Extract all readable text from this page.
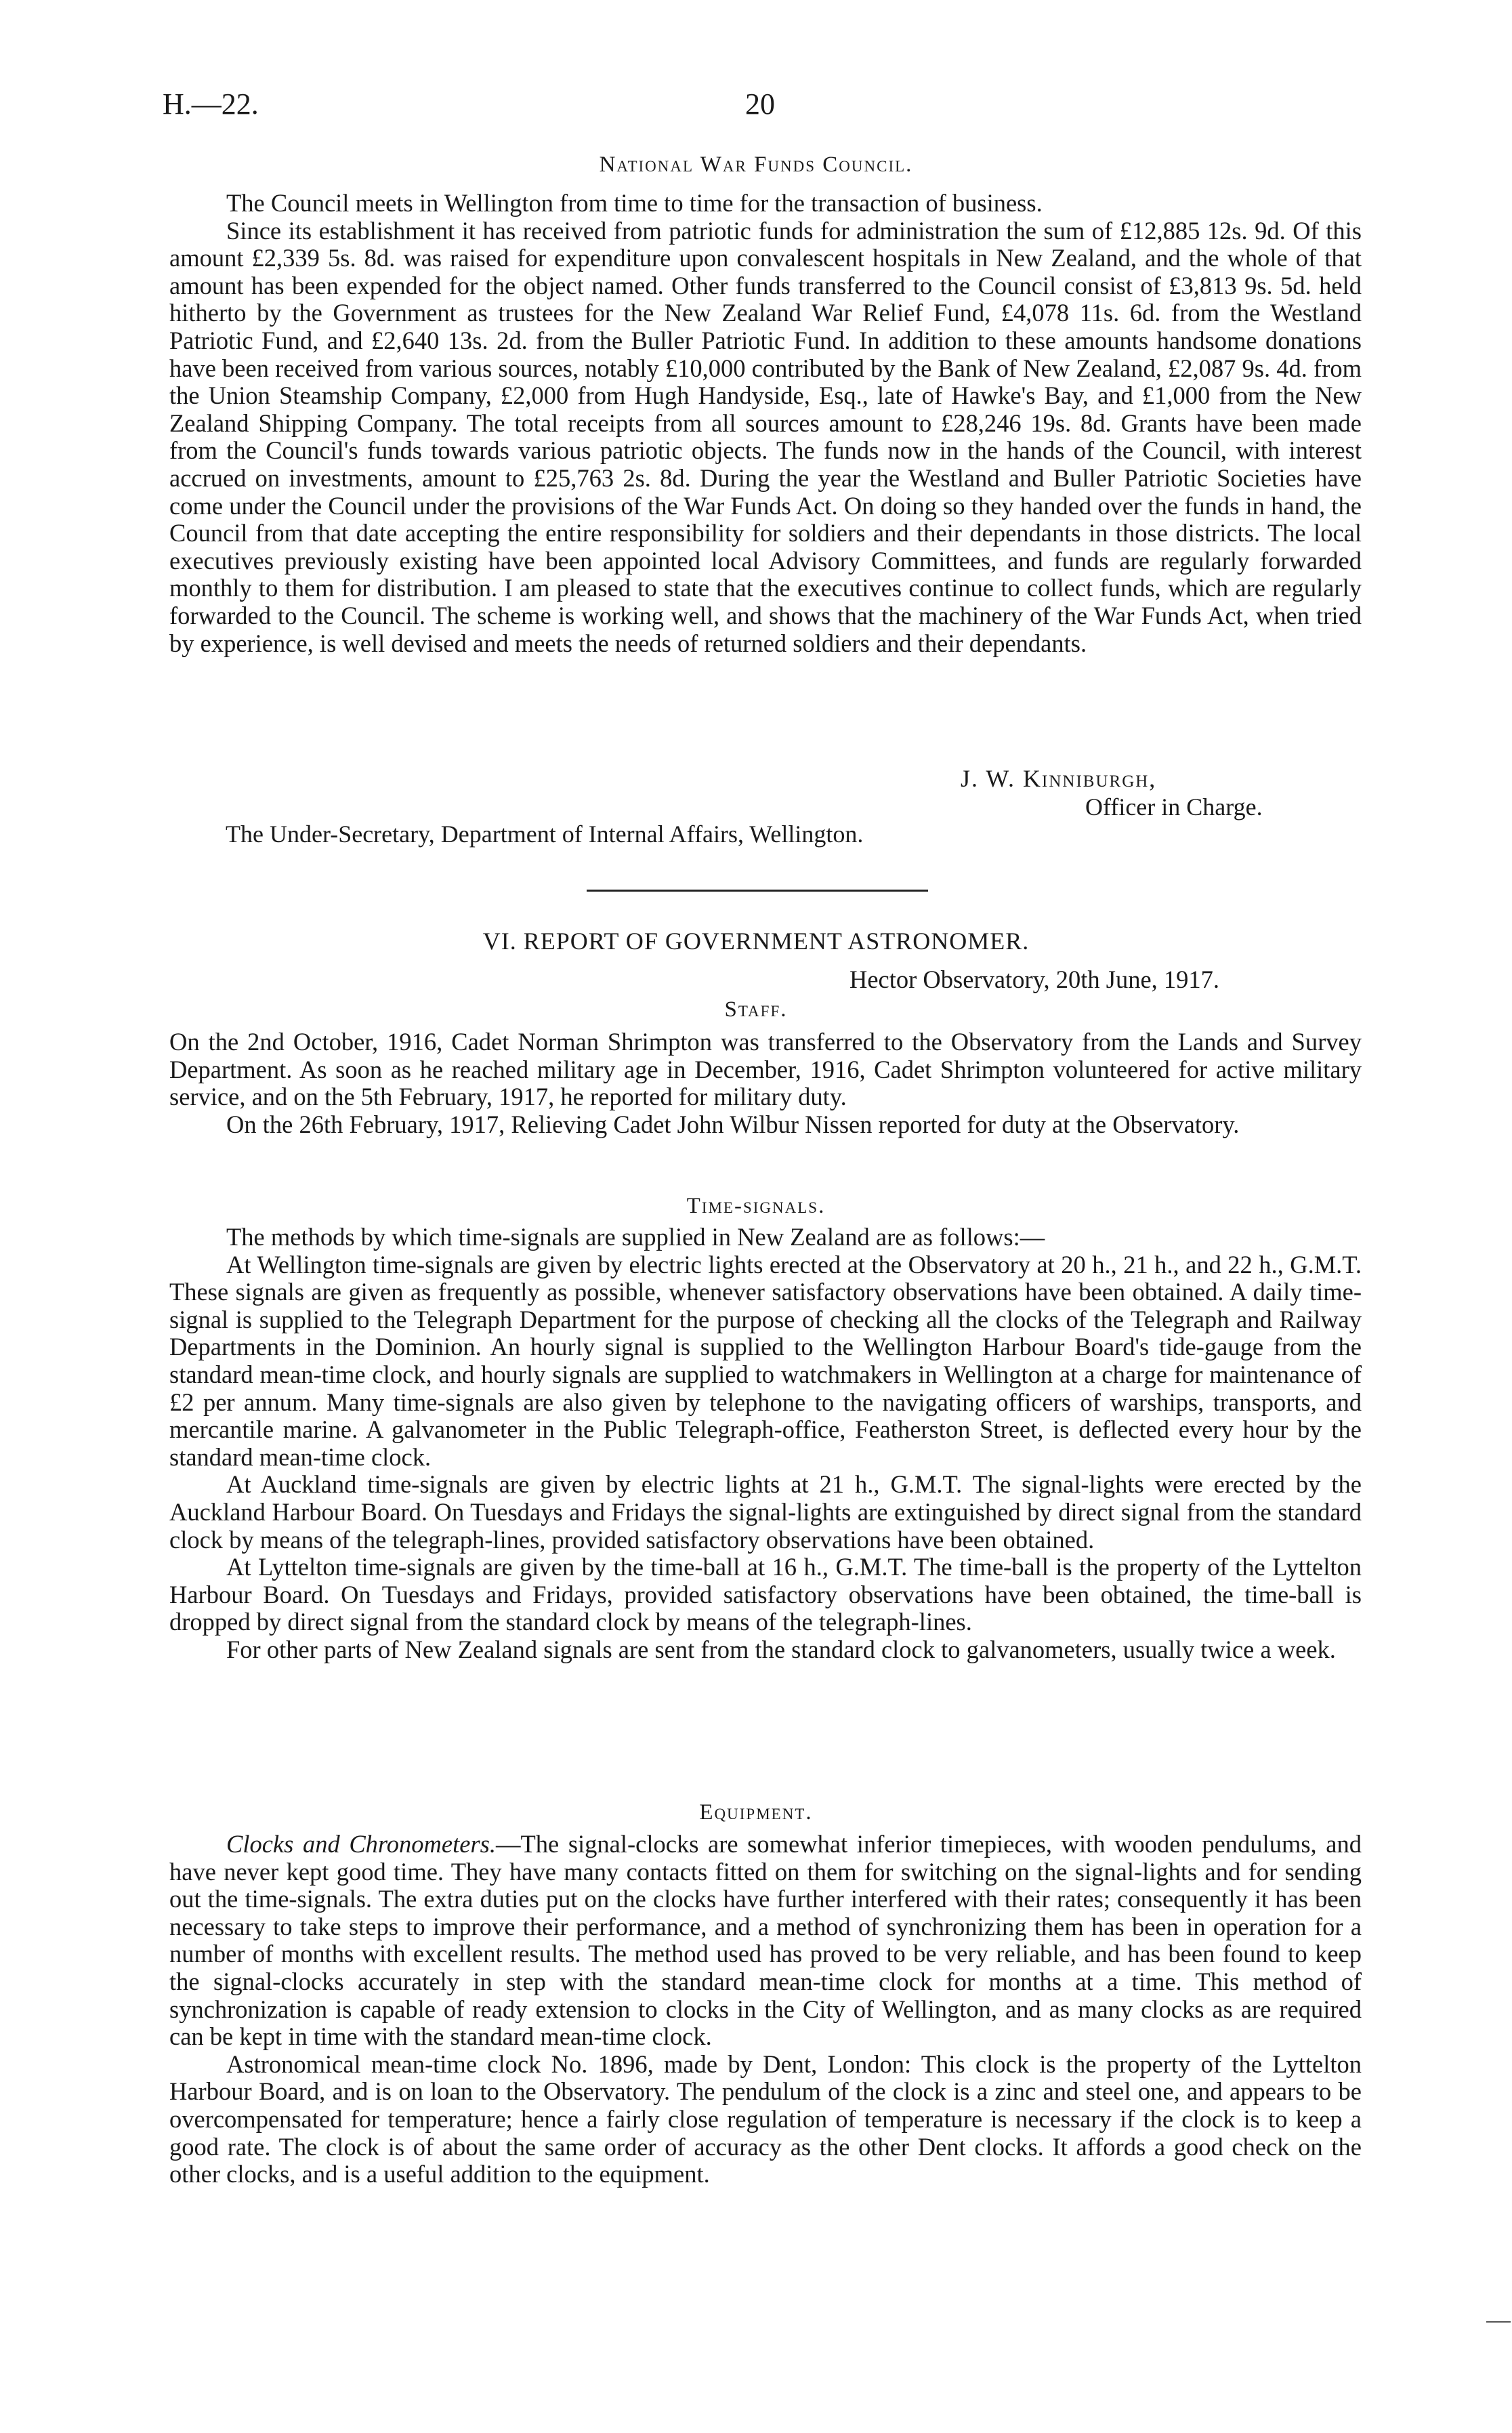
H.—22.	20
National War Funds Council.

The Council meets in Wellington from time to time for the transaction of business.

Since its establishment it has received from patriotic funds for administration the sum of £12,885 12s. 9d. Of this amount £2,339 5s. 8d. was raised for expenditure upon convalescent hospitals in New Zealand, and the whole of that amount has been expended for the object named. Other funds transferred to the Council consist of £3,813 9s. 5d. held hitherto by the Government as trustees for the New Zealand War Relief Fund, £4,078 11s. 6d. from the Westland Patriotic Fund, and £2,640 13s. 2d. from the Buller Patriotic Fund. In addition to these amounts handsome donations have been received from various sources, notably £10,000 contributed by the Bank of New Zealand, £2,087 9s. 4d. from the Union Steamship Company, £2,000 from Hugh Handyside, Esq., late of Hawke's Bay, and £1,000 from the New Zealand Shipping Company. The total receipts from all sources amount to £28,246 19s. 8d. Grants have been made from the Council's funds towards various patriotic objects. The funds now in the hands of the Council, with interest accrued on investments, amount to £25,763 2s. 8d. During the year the Westland and Buller Patriotic Societies have come under the Council under the provisions of the War Funds Act. On doing so they handed over the funds in hand, the Council from that date accepting the entire responsibility for soldiers and their dependants in those districts. The local executives previously existing have been appointed local Advisory Committees, and funds are regularly forwarded monthly to them for distribution. I am pleased to state that the executives continue to collect funds, which are regularly forwarded to the Council. The scheme is working well, and shows that the machinery of the War Funds Act, when tried by experience, is well devised and meets the needs of returned soldiers and their dependants.

J. W. Kinniburgh,
Officer in Charge.
The Under-Secretary, Department of Internal Affairs, Wellington.
VI. REPORT OF GOVERNMENT ASTRONOMER.
Hector Observatory, 20th June, 1917.
Staff.

On the 2nd October, 1916, Cadet Norman Shrimpton was transferred to the Observatory from the Lands and Survey Department. As soon as he reached military age in December, 1916, Cadet Shrimpton volunteered for active military service, and on the 5th February, 1917, he reported for military duty.

On the 26th February, 1917, Relieving Cadet John Wilbur Nissen reported for duty at the Observatory.

Time-signals.

The methods by which time-signals are supplied in New Zealand are as follows:—

At Wellington time-signals are given by electric lights erected at the Observatory at 20 h., 21 h., and 22 h., G.M.T. These signals are given as frequently as possible, whenever satisfactory observations have been obtained. A daily time-signal is supplied to the Telegraph Department for the purpose of checking all the clocks of the Telegraph and Railway Departments in the Dominion. An hourly signal is supplied to the Wellington Harbour Board's tide-gauge from the standard mean-time clock, and hourly signals are supplied to watchmakers in Wellington at a charge for maintenance of £2 per annum. Many time-signals are also given by telephone to the navigating officers of warships, transports, and mercantile marine. A galvanometer in the Public Telegraph-office, Featherston Street, is deflected every hour by the standard mean-time clock.

At Auckland time-signals are given by electric lights at 21 h., G.M.T. The signal-lights were erected by the Auckland Harbour Board. On Tuesdays and Fridays the signal-lights are extinguished by direct signal from the standard clock by means of the telegraph-lines, provided satisfactory observations have been obtained.

At Lyttelton time-signals are given by the time-ball at 16 h., G.M.T. The time-ball is the property of the Lyttelton Harbour Board. On Tuesdays and Fridays, provided satisfactory observations have been obtained, the time-ball is dropped by direct signal from the standard clock by means of the telegraph-lines.

For other parts of New Zealand signals are sent from the standard clock to galvanometers, usually twice a week.

Equipment.

Clocks and Chronometers.—The signal-clocks are somewhat inferior timepieces, with wooden pendulums, and have never kept good time. They have many contacts fitted on them for switching on the signal-lights and for sending out the time-signals. The extra duties put on the clocks have further interfered with their rates; consequently it has been necessary to take steps to improve their performance, and a method of synchronizing them has been in operation for a number of months with excellent results. The method used has proved to be very reliable, and has been found to keep the signal-clocks accurately in step with the standard mean-time clock for months at a time. This method of synchronization is capable of ready extension to clocks in the City of Wellington, and as many clocks as are required can be kept in time with the standard mean-time clock.

Astronomical mean-time clock No. 1896, made by Dent, London: This clock is the property of the Lyttelton Harbour Board, and is on loan to the Observatory. The pendulum of the clock is a zinc and steel one, and appears to be overcompensated for temperature; hence a fairly close regulation of temperature is necessary if the clock is to keep a good rate. The clock is of about the same order of accuracy as the other Dent clocks. It affords a good check on the other clocks, and is a useful addition to the equipment.
